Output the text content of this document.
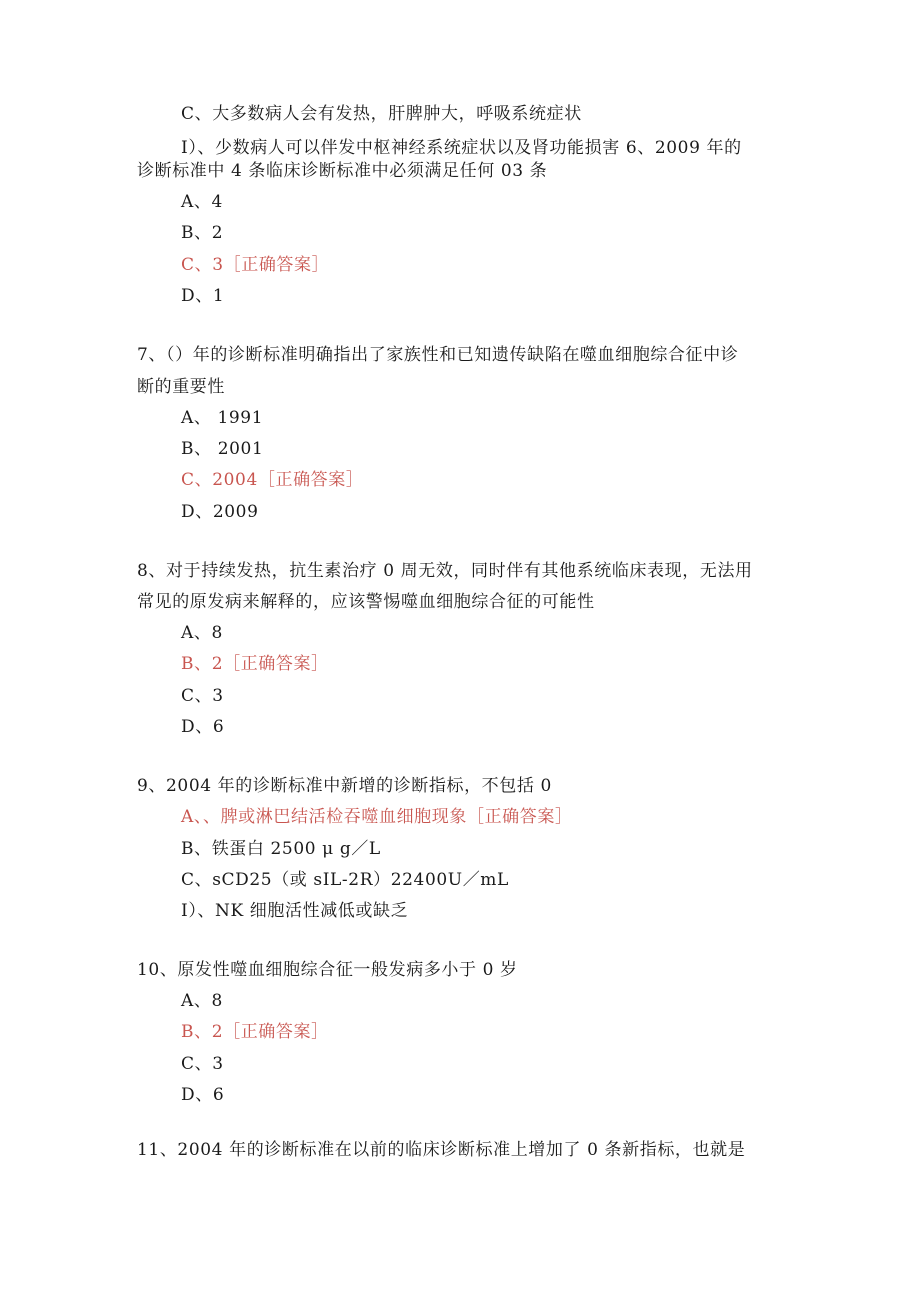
C、大多数病人会有发热，肝脾肿大，呼吸系统症状
I）、少数病人可以伴发中枢神经系统症状以及肾功能损害 6、2009 年的
诊断标准中 4 条临床诊断标准中必须满足任何 03 条
A、4
B、2
C、3［正确答案］
D、1
7、（）年的诊断标准明确指出了家族性和已知遗传缺陷在噬血细胞综合征中诊
断的重要性
A、 1991
B、 2001
C、2004［正确答案］
D、2009
8、对于持续发热，抗生素治疗 0 周无效，同时伴有其他系统临床表现，无法用
常见的原发病来解释的，应该警惕噬血细胞综合征的可能性
A、8
B、2［正确答案］
C、3
D、6
9、2004 年的诊断标准中新增的诊断指标，不包括 0
A、、脾或淋巴结活检吞噬血细胞现象［正确答案］
B、铁蛋白 2500 μ g／L
C、sCD25（或 sIL-2R）22400U／mL
I）、NK 细胞活性减低或缺乏
10、原发性噬血细胞综合征一般发病多小于 0 岁
A、8
B、2［正确答案］
C、3
D、6
11、2004 年的诊断标准在以前的临床诊断标准上增加了 0 条新指标，也就是
